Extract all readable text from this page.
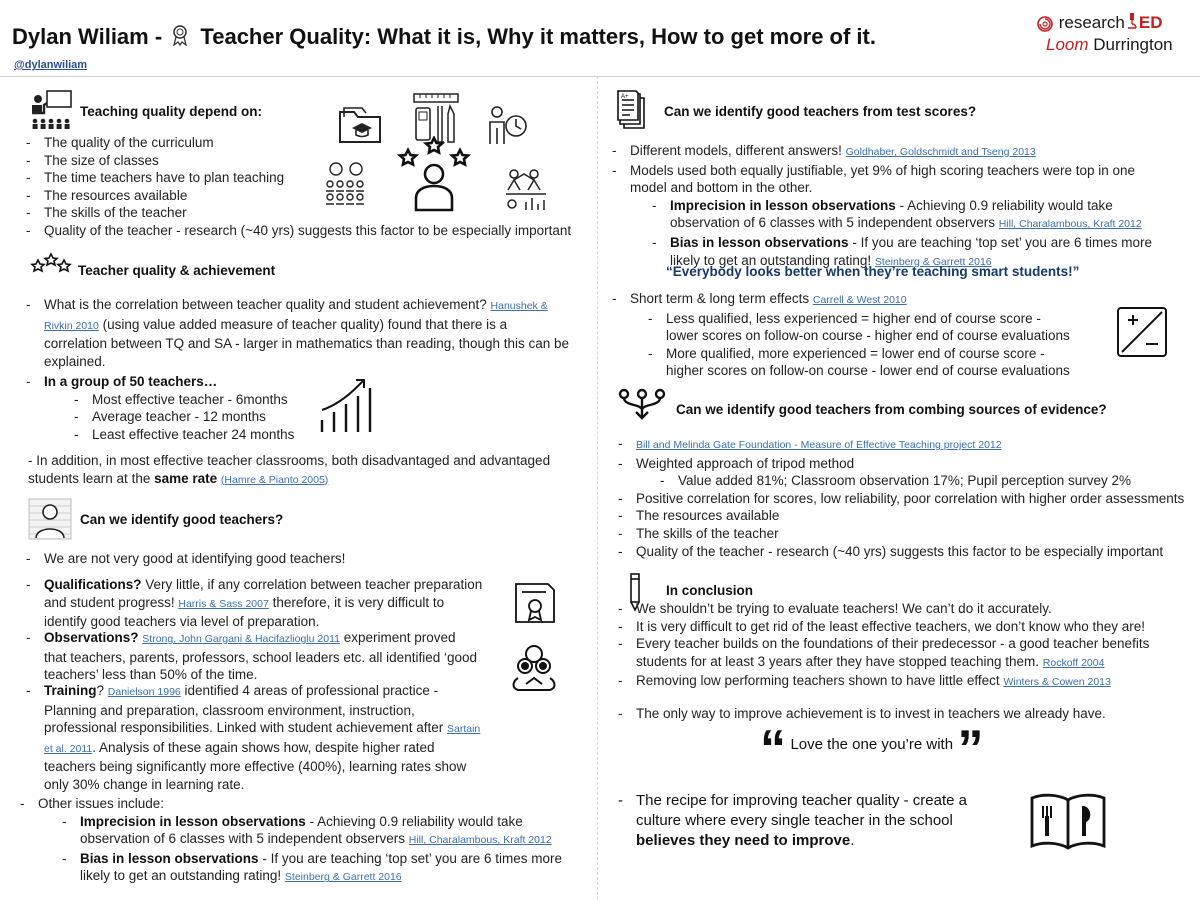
Dylan Wiliam - Teacher Quality: What it is, Why it matters, How to get more of it.
@dylanwiliam
research ED
Loom Durrington
Teaching quality depend on:
- The quality of the curriculum
- The size of classes
- The time teachers have to plan teaching
- The resources available
- The skills of the teacher
- Quality of the teacher - research (~40 yrs) suggests this factor to be especially important
Teacher quality & achievement
- What is the correlation between teacher quality and student achievement? Hanushek &
Rivkin 2010 (using value added measure of teacher quality) found that there is a
correlation between TQ and SA - larger in mathematics than reading, though this can be
explained.
- In a group of 50 teachers…
- Most effective teacher - 6months
- Average teacher - 12 months
- Least effective teacher 24 months
- In addition, in most effective teacher classrooms, both disadvantaged and advantaged
students learn at the same rate (Hamre & Pianto 2005)
Can we identify good teachers?
- We are not very good at identifying good teachers!
- Qualifications? Very little, if any correlation between teacher preparation
and student progress! Harris & Sass 2007 therefore, it is very difficult to
identify good teachers via level of preparation.
- Observations? Strong, John Gargani & Hacifazlioglu 2011 experiment proved
that teachers, parents, professors, school leaders etc. all identified ‘good
teachers’ less than 50% of the time.
- Training? Danielson 1996 identified 4 areas of professional practice -
Planning and preparation, classroom environment, instruction,
professional responsibilities. Linked with student achievement after Sartain
et al. 2011. Analysis of these again shows how, despite higher rated
teachers being significantly more effective (400%), learning rates show
only 30% change in learning rate.
- Other issues include:
- Imprecision in lesson observations - Achieving 0.9 reliability would take
observation of 6 classes with 5 independent observers Hill, Charalambous, Kraft 2012
- Bias in lesson observations - If you are teaching ‘top set’ you are 6 times more
likely to get an outstanding rating! Steinberg & Garrett 2016
A+
Can we identify good teachers from test scores?
- Different models, different answers! Goldhaber, Goldschmidt and Tseng 2013
- Models used both equally justifiable, yet 9% of high scoring teachers were top in one
model and bottom in the other.
- Imprecision in lesson observations - Achieving 0.9 reliability would take
observation of 6 classes with 5 independent observers Hill, Charalambous, Kraft 2012
- Bias in lesson observations - If you are teaching ‘top set’ you are 6 times more
likely to get an outstanding rating! Steinberg & Garrett 2016
“Everybody looks better when they’re teaching smart students!”
- Short term & long term effects Carrell & West 2010
- Less qualified, less experienced = higher end of course score -
lower scores on follow-on course - higher end of course evaluations
- More qualified, more experienced = lower end of course score -
higher scores on follow-on course - lower end of course evaluations
Can we identify good teachers from combing sources of evidence?
- Bill and Melinda Gate Foundation - Measure of Effective Teaching project 2012
- Weighted approach of tripod method
- Value added 81%; Classroom observation 17%; Pupil perception survey 2%
- Positive correlation for scores, low reliability, poor correlation with higher order assessments
- The resources available
- The skills of the teacher
- Quality of the teacher - research (~40 yrs) suggests this factor to be especially important
In conclusion
- We shouldn’t be trying to evaluate teachers! We can’t do it accurately.
- It is very difficult to get rid of the least effective teachers, we don’t know who they are!
- Every teacher builds on the foundations of their predecessor - a good teacher benefits
students for at least 3 years after they have stopped teaching them. Rockoff 2004
- Removing low performing teachers shown to have little effect Winters & Cowen 2013
- The only way to improve achievement is to invest in teachers we already have.
“ Love the one you’re with ”
- The recipe for improving teacher quality - create a
culture where every single teacher in the school
believes they need to improve.
